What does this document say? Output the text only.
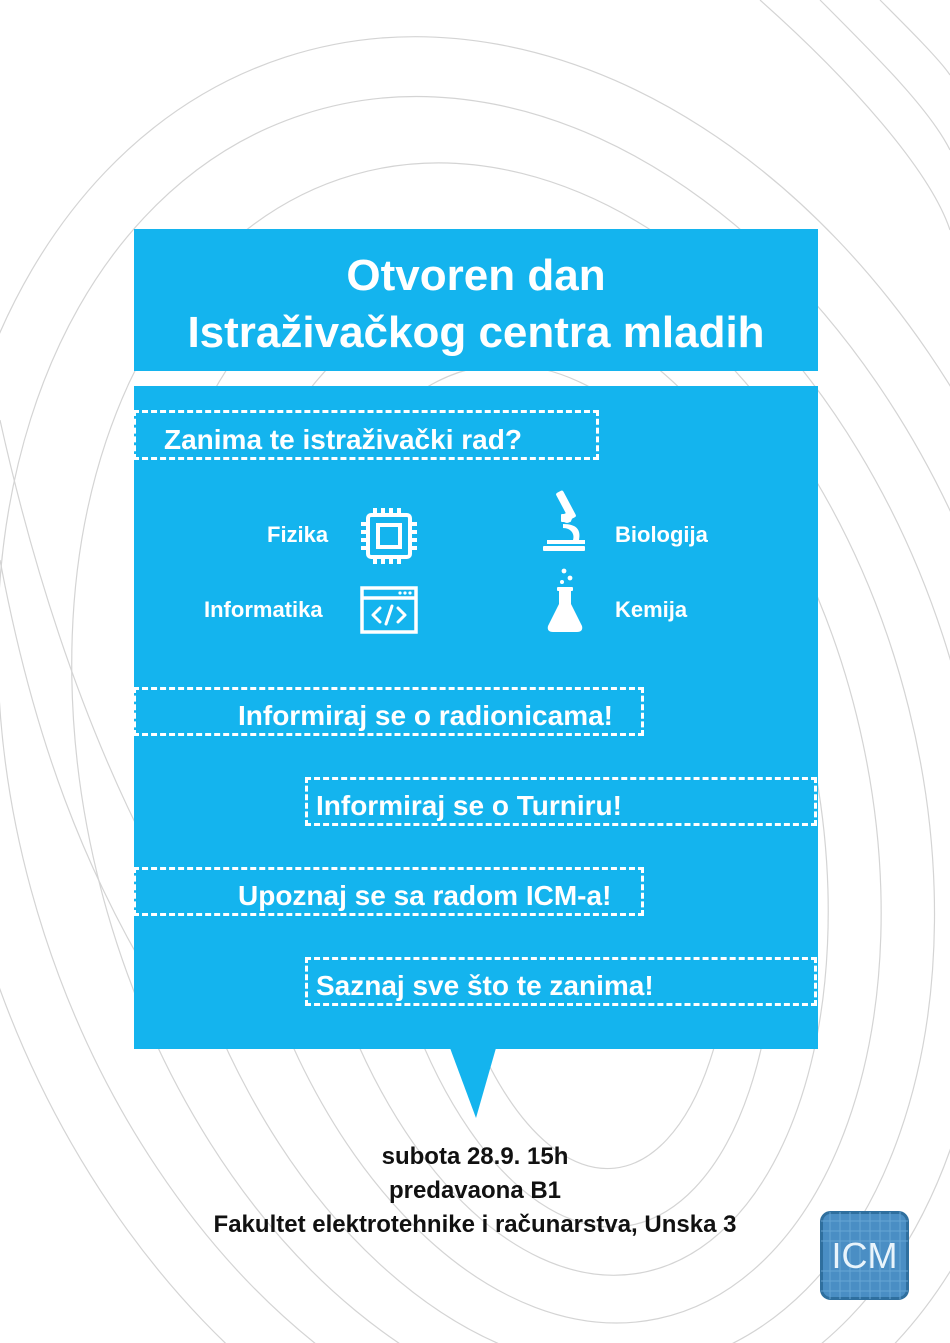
Otvoren dan
Istraživačkog centra mladih
Zanima te istraživački rad?
Fizika	Biologija
Informatika	Kemija
Informiraj se o radionicama!
Informiraj se o Turniru!
Upoznaj se sa radom ICM-a!
Saznaj sve što te zanima!
subota 28.9. 15h
predavaona B1
Fakultet elektrotehnike i računarstva, Unska 3
ICM
